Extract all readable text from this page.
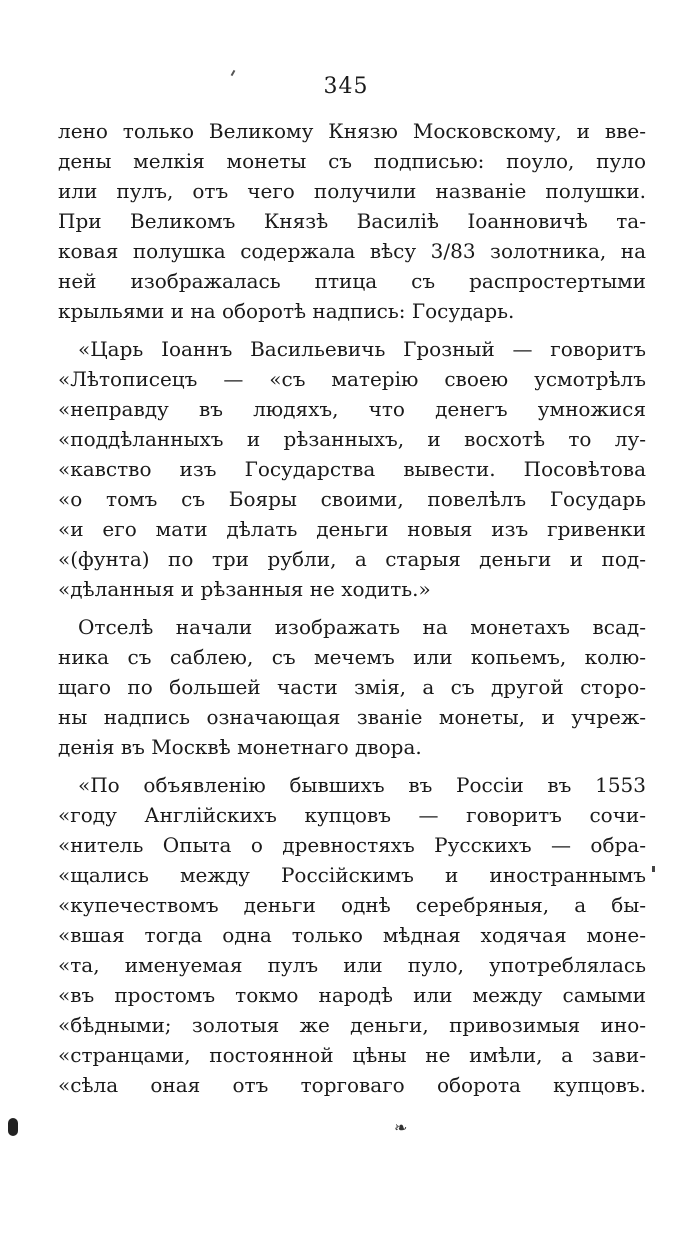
345
лено только Великому Князю Московскому, и вве-
дены мелкія монеты съ подписью: поуло, пуло
или пулъ, отъ чего получили названіе полушки.
При Великомъ Князѣ Василіѣ Іоанновичѣ та-
ковая полушка содержала вѣсу 3/83 золотника, на
ней изображалась птица съ распростертыми
крыльями и на оборотѣ надпись: Государь.
«Царь Іоаннъ Васильевичь Грозный — говоритъ
«Лѣтописецъ — «съ матерію своею усмотрѣлъ
«неправду въ людяхъ, что денегъ умножися
«поддѣланныхъ и рѣзанныхъ, и восхотѣ то лу-
«кавство изъ Государства вывести. Посовѣтова
«о томъ съ Бояры своими, повелѣлъ Государь
«и его мати дѣлать деньги новыя изъ гривенки
«(фунта) по три рубли, а старыя деньги и под-
«дѣланныя и рѣзанныя не ходить.»
Отселѣ начали изображать на монетахъ всад-
ника съ саблею, съ мечемъ или копьемъ, колю-
щаго по большей части змія, а съ другой сторо-
ны надпись означающая званіе монеты, и учреж-
денія въ Москвѣ монетнаго двора.
«По объявленію бывшихъ въ Россіи въ 1553
«году Англійскихъ купцовъ — говоритъ сочи-
«нитель Опыта о древностяхъ Русскихъ — обра-
«щались между Россійскимъ и иностраннымъ
«купечествомъ деньги однѣ серебряныя, а бы-
«вшая тогда одна только мѣдная ходячая моне-
«та, именуемая пулъ или пуло, употреблялась
«въ простомъ токмо народѣ или между самыми
«бѣдными; золотыя же деньги, привозимыя ино-
«странцами, постоянной цѣны не имѣли, а зави-
«сѣла оная отъ торговаго оборота купцовъ.
❧
